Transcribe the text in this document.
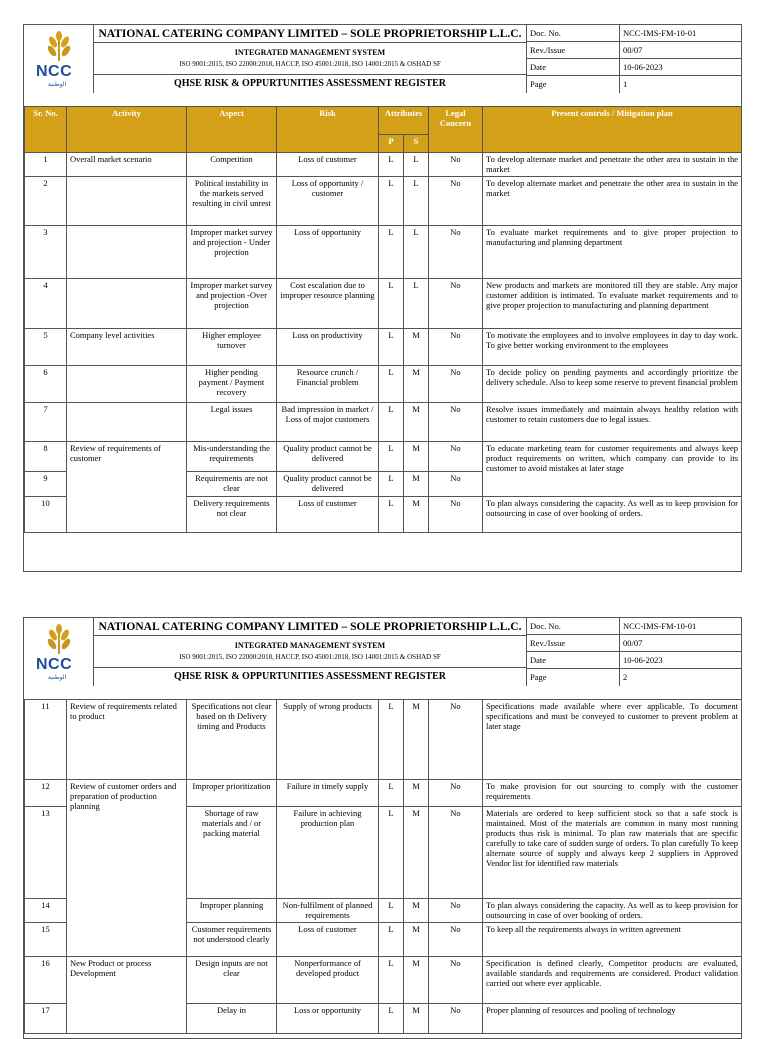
NCC
الوطنية
NATIONAL CATERING COMPANY LIMITED – SOLE PROPRIETORSHIP L.L.C.
INTEGRATED MANAGEMENT SYSTEM
ISO 9001:2015, ISO 22000:2018, HACCP, ISO 45001:2018, ISO 14001:2015 & OSHAD SF
QHSE RISK & OPPURTUNITIES ASSESSMENT REGISTER
Doc. No.	NCC-IMS-FM-10-01
Rev./Issue	00/07
Date	10-06-2023
Page	1
Sr. No.	Activity	Aspect	Risk	Attributes		Legal Concern	Present controls / Mitigation plan
				P	S		
1	Overall market scenario	Competition	Loss of customer	L	L	No	To develop alternate market and penetrate the other area to sustain in the market
2		Political instability in the markets served resulting in civil unrest	Loss of opportunity / customer	L	L	No	To develop alternate market and penetrate the other area to sustain in the market
3		Improper market survey and projection - Under projection	Loss of opportunity	L	L	No	To evaluate market requirements and to give proper projection to manufacturing and planning department
4		Improper market survey and projection -Over projection	Cost escalation due to improper resource planning	L	L	No	New products and markets are monitored till they are stable. Any major customer addition is intimated. To evaluate market requirements and to give proper projection to manufacturing and planning department
5	Company level activities	Higher employee turnover	Loss on productivity	L	M	No	To motivate the employees and to involve employees in day to day work. To give better working environment to the employees
6		Higher pending payment / Payment recovery	Resource crunch / Financial problem	L	M	No	To decide policy on pending payments and accordingly prioritize the delivery schedule. Also to keep some reserve to prevent financial problem
7		Legal issues	Bad impression in market / Loss of major customers	L	M	No	Resolve issues immediately and maintain always healthy relation with customer to retain customers due to legal issues.
8	Review of requirements of customer	Mis-understanding the requirements	Quality product cannot be delivered	L	M	No	To educate marketing team for customer requirements and always keep product requirements on written, which company can provide to its customer to avoid mistakes at later stage
9		Requirements are not clear	Quality product cannot be delivered	L	M	No	
10		Delivery requirements not clear	Loss of customer	L	M	No	To plan always considering the capacity. As well as to keep provision for outsourcing in case of over booking of orders.
NCC
الوطنية
NATIONAL CATERING COMPANY LIMITED – SOLE PROPRIETORSHIP L.L.C.
INTEGRATED MANAGEMENT SYSTEM
ISO 9001:2015, ISO 22000:2018, HACCP, ISO 45001:2018, ISO 14001:2015 & OSHAD SF
QHSE RISK & OPPURTUNITIES ASSESSMENT REGISTER
Doc. No.	NCC-IMS-FM-10-01
Rev./Issue	00/07
Date	10-06-2023
Page	2
11	Review of requirements related to product	Specifications not clear based on th Delivery timing and Products	Supply of wrong products	L	M	No	Specifications made available where ever applicable. To document specifications and must be conveyed to customer to prevent problem at later stage
12	Review of customer orders and preparation of production planning	Improper prioritization	Failure in timely supply	L	M	No	To make provision for out sourcing to comply with the customer requirements
13		Shortage of raw materials and / or packing material	Failure in achieving production plan	L	M	No	Materials are ordered to keep sufficient stock so that a safe stock is maintained. Most of the materials are common in many most running products thus risk is minimal. To plan raw materials that are specific carefully to take care of sudden surge of orders. To plan carefully To keep alternate source of supply and always keep 2 suppliers in Approved Vendor list for identified raw materials
14		Improper planning	Non-fulfilment of planned requirements	L	M	No	To plan always considering the capacity. As well as to keep provision for outsourcing in case of over booking of orders.
15		Customer requirements not understood clearly	Loss of customer	L	M	No	To keep all the requirements always in written agreement
16	New Product or process Development	Design inputs are not clear	Nonperformance of developed product	L	M	No	Specification is defined clearly, Competitor products are evaluated, available standards and requirements are considered. Product validation carried out where ever applicable.
17		Delay in	Loss or opportunity	L	M	No	Proper planning of resources and pooling of technology
